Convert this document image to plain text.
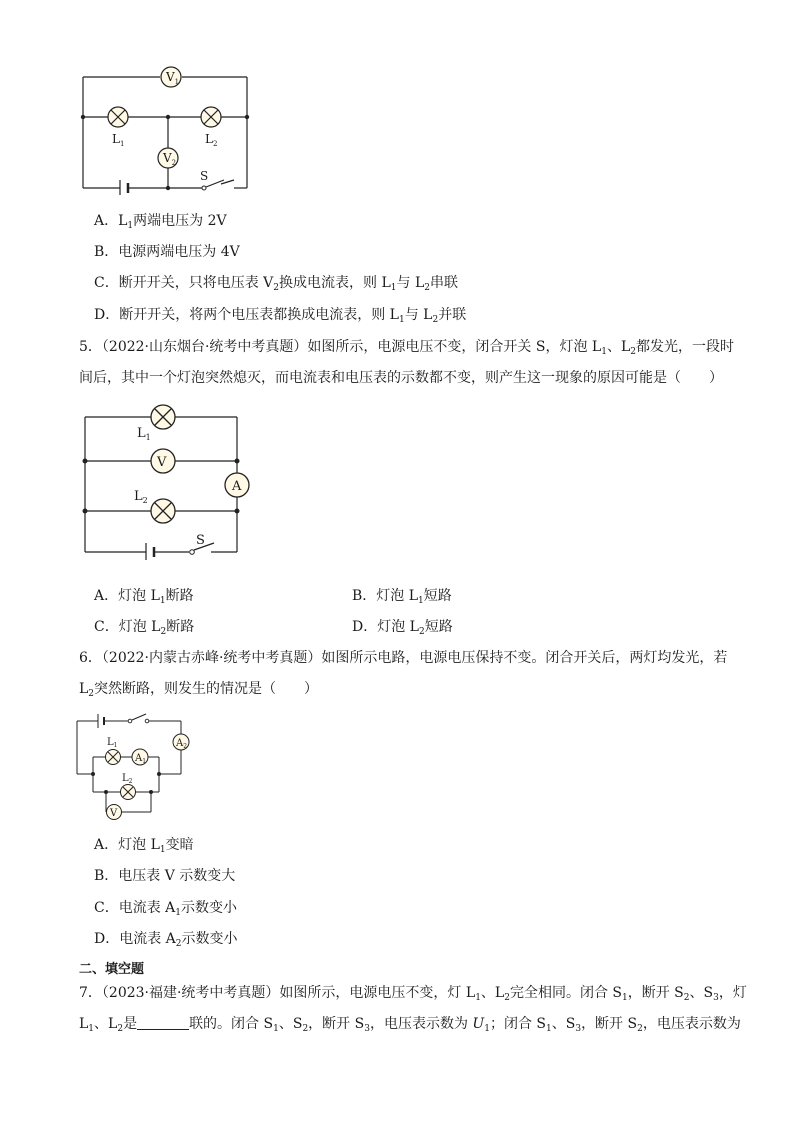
$V_1$
$L_1$	$L_2$
$V_2$
S
A．$L_1$两端电压为 2V
B．电源两端电压为 4V
C．断开开关，只将电压表 $V_2$换成电流表，则 $L_1$与 $L_2$串联
D．断开开关，将两个电压表都换成电流表，则 $L_1$与 $L_2$并联
5．（2022·山东烟台·统考中考真题）如图所示，电源电压不变，闭合开关 S，灯泡 $L_1$、$L_2$都发光，一段时
间后，其中一个灯泡突然熄灭，而电流表和电压表的示数都不变，则产生这一现象的原因可能是（　　）
$L_1$
V
A
$L_2$
S
A．灯泡 $L_1$断路	B．灯泡 $L_1$短路
C．灯泡 $L_2$断路	D．灯泡 $L_2$短路
6．（2022·内蒙古赤峰·统考中考真题）如图所示电路，电源电压保持不变。闭合开关后，两灯均发光，若
$L_2$突然断路，则发生的情况是（　　）
$L_1$
$A_1$
$A_2$
$L_2$
V
A．灯泡 $L_1$变暗
B．电压表 V 示数变大
C．电流表 $A_1$示数变小
D．电流表 $A_2$示数变小
二、填空题
7．（2023·福建·统考中考真题）如图所示，电源电压不变，灯 $L_1$、$L_2$完全相同。闭合 $S_1$，断开 $S_2$、$S_3$，灯
$L_1$、$L_2$是	联的。闭合 $S_1$、$S_2$，断开 $S_3$，电压表示数为 $U_1$；闭合 $S_1$、$S_3$，断开 $S_2$，电压表示数为
